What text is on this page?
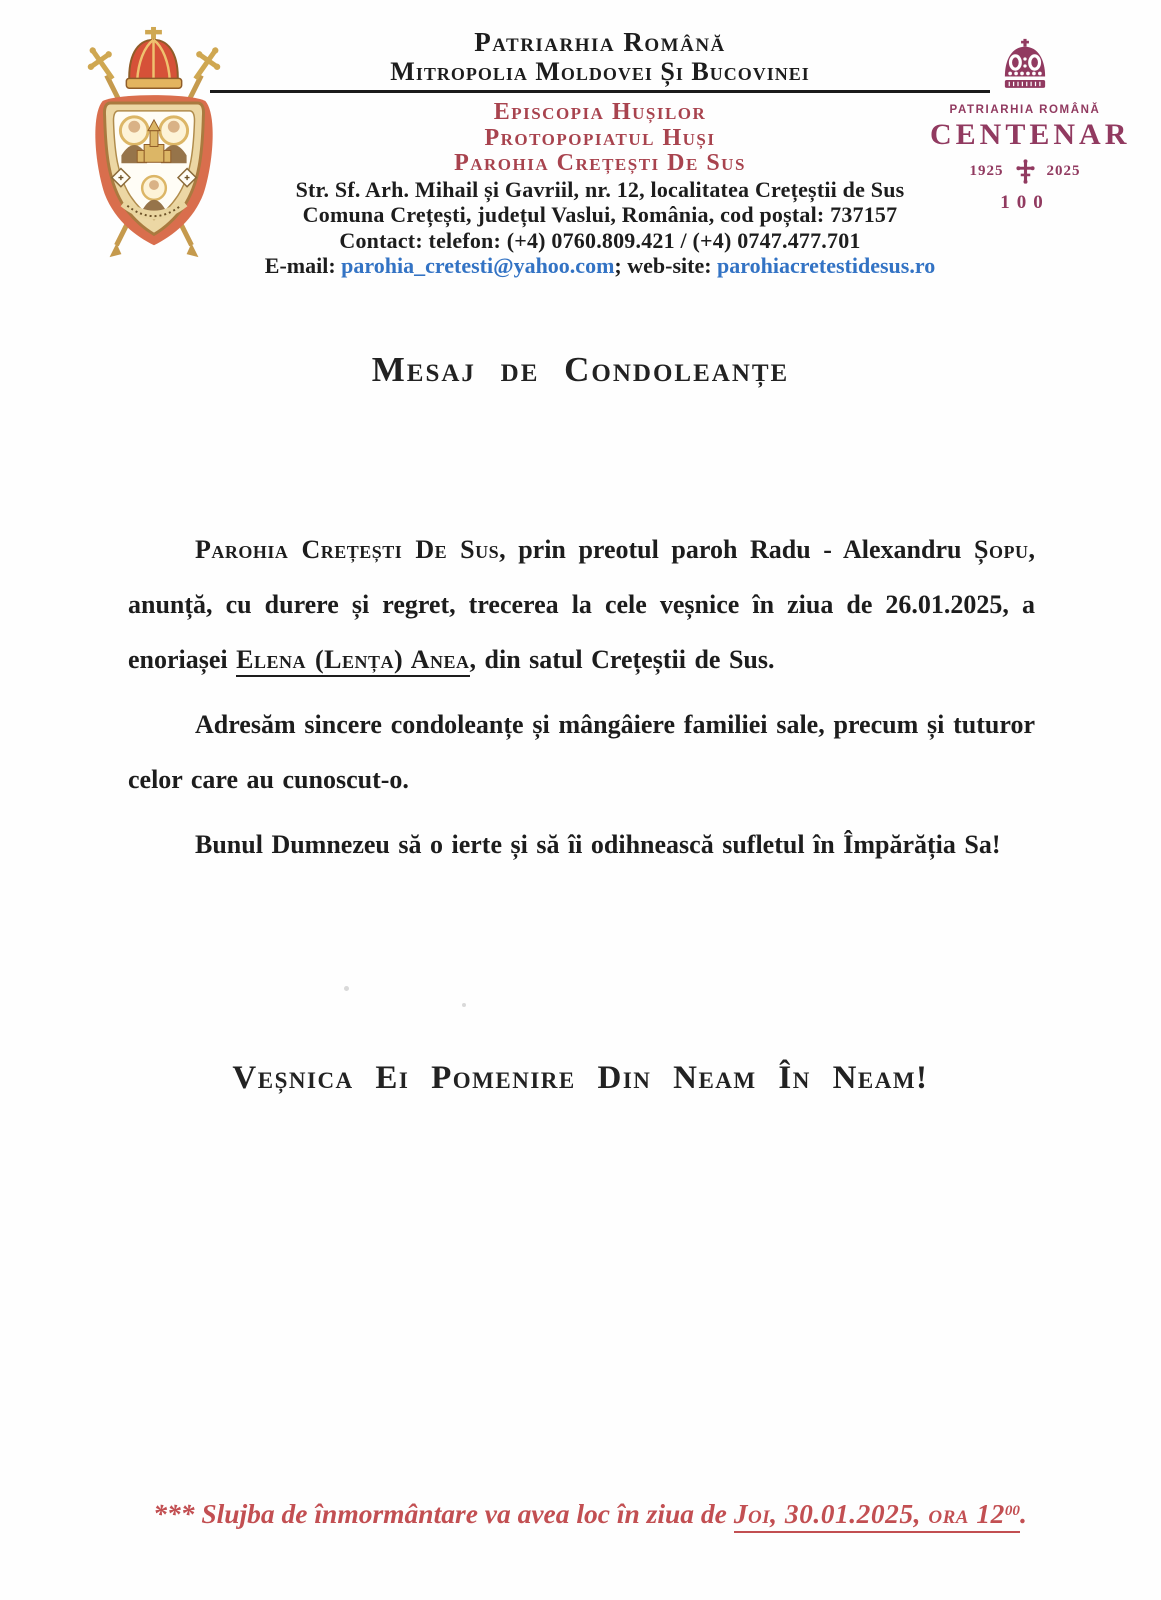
Patriarhia Română
Mitropolia Moldovei Și Bucovinei
Episcopia Hușilor
Protopopiatul Huși
Parohia Crețești De Sus
Str. Sf. Arh. Mihail și Gavriil, nr. 12, localitatea Crețeștii de Sus
Comuna Crețești, județul Vaslui, România, cod poștal: 737157
Contact: telefon: (+4) 0760.809.421 / (+4) 0747.477.701
E-mail: parohia_cretesti@yahoo.com; web-site: parohiacretestidesus.ro
PATRIARHIA ROMÂNĂ
CENTENAR
1925	2025
100
Mesaj de Condoleanțe

Parohia Crețești De Sus, prin preotul paroh Radu - Alexandru Șopu, anunță, cu durere și regret, trecerea la cele veșnice în ziua de 26.01.2025, a enoriașei Elena (Lența) Anea, din satul Crețeștii de Sus.

Adresăm sincere condoleanțe și mângâiere familiei sale, precum și tuturor celor care au cunoscut-o.

Bunul Dumnezeu să o ierte și să îi odihnească sufletul în Împărăția Sa!

Veșnica Ei Pomenire Din Neam În Neam!
*** Slujba de înmormântare va avea loc în ziua de Joi, 30.01.2025, ora $12^{00}$.
